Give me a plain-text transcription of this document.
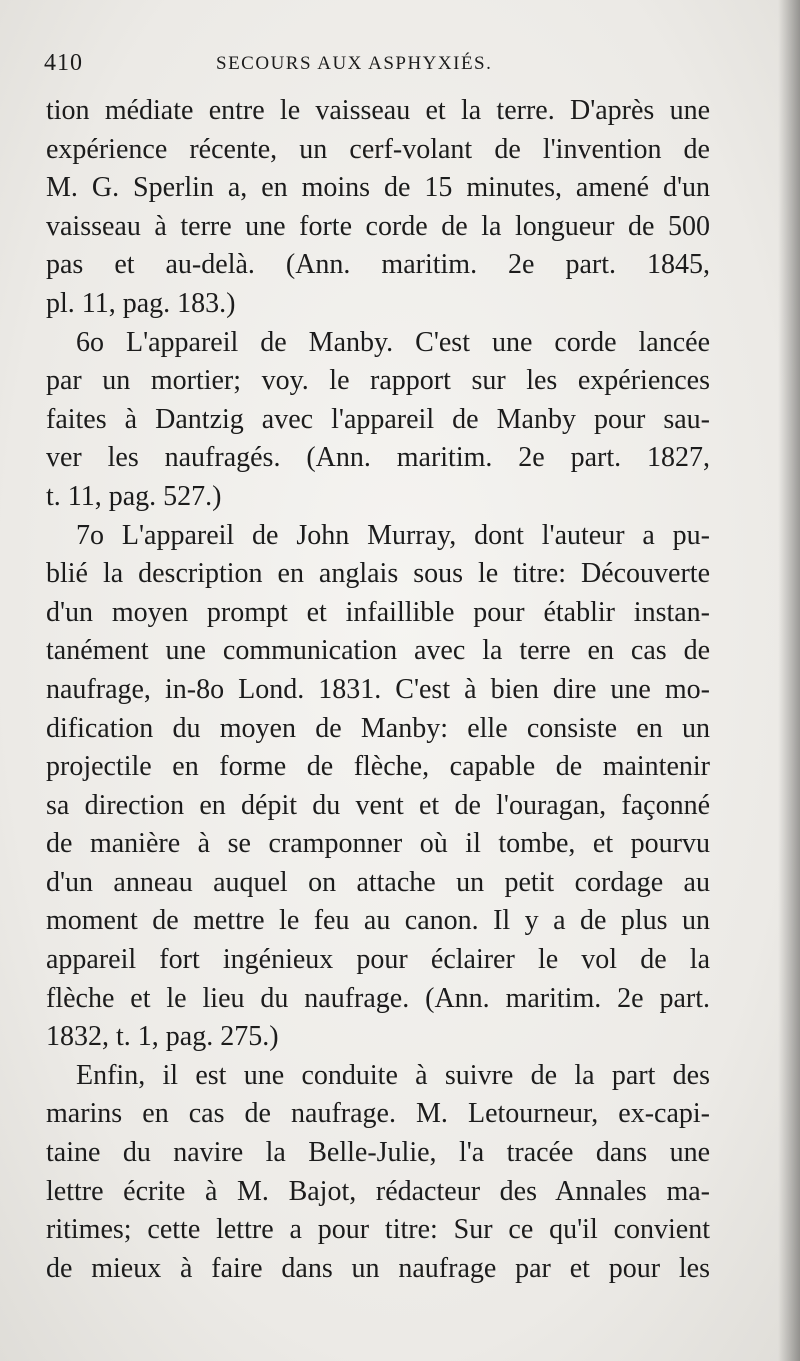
410	SECOURS AUX ASPHYXIÉS.
tion médiate entre le vaisseau et la terre. D'après une
expérience récente, un cerf-volant de l'invention de
M. G. Sperlin a, en moins de 15 minutes, amené d'un
vaisseau à terre une forte corde de la longueur de 500
pas et au-delà. (Ann. maritim. 2e part. 1845,
pl. 11, pag. 183.)
6o L'appareil de Manby. C'est une corde lancée
par un mortier; voy. le rapport sur les expériences
faites à Dantzig avec l'appareil de Manby pour sau-
ver les naufragés. (Ann. maritim. 2e part. 1827,
t. 11, pag. 527.)
7o L'appareil de John Murray, dont l'auteur a pu-
blié la description en anglais sous le titre: Découverte
d'un moyen prompt et infaillible pour établir instan-
tanément une communication avec la terre en cas de
naufrage, in-8o Lond. 1831. C'est à bien dire une mo-
dification du moyen de Manby: elle consiste en un
projectile en forme de flèche, capable de maintenir
sa direction en dépit du vent et de l'ouragan, façonné
de manière à se cramponner où il tombe, et pourvu
d'un anneau auquel on attache un petit cordage au
moment de mettre le feu au canon. Il y a de plus un
appareil fort ingénieux pour éclairer le vol de la
flèche et le lieu du naufrage. (Ann. maritim. 2e part.
1832, t. 1, pag. 275.)
Enfin, il est une conduite à suivre de la part des
marins en cas de naufrage. M. Letourneur, ex-capi-
taine du navire la Belle-Julie, l'a tracée dans une
lettre écrite à M. Bajot, rédacteur des Annales ma-
ritimes; cette lettre a pour titre: Sur ce qu'il convient
de mieux à faire dans un naufrage par et pour les
